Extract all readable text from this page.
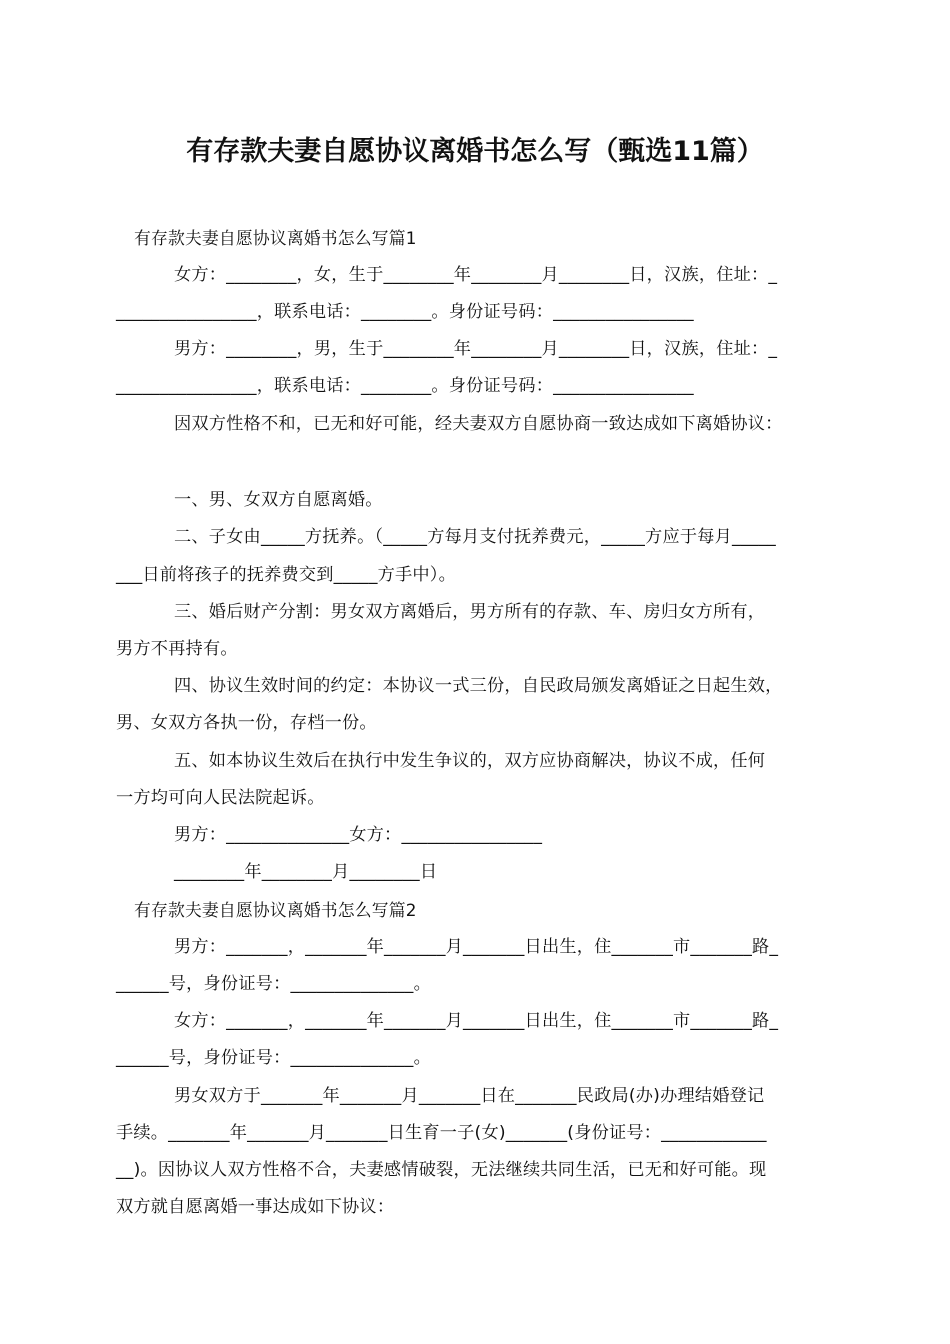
有存款夫妻自愿协议离婚书怎么写（甄选11篇）
有存款夫妻自愿协议离婚书怎么写篇1
女方：________，女，生于________年________月________日，汉族，住址：_
________________，联系电话：________。身份证号码：________________
男方：________，男，生于________年________月________日，汉族，住址：_
________________，联系电话：________。身份证号码：________________
因双方性格不和，已无和好可能，经夫妻双方自愿协商一致达成如下离婚协议：
一、男、女双方自愿离婚。
二、子女由_____方抚养。（_____方每月支付抚养费元，_____方应于每月_____
___日前将孩子的抚养费交到_____方手中）。
三、婚后财产分割：男女双方离婚后，男方所有的存款、车、房归女方所有，
男方不再持有。
四、协议生效时间的约定：本协议一式三份，自民政局颁发离婚证之日起生效，
男、女双方各执一份，存档一份。
五、如本协议生效后在执行中发生争议的，双方应协商解决，协议不成，任何
一方均可向人民法院起诉。
男方：______________女方：________________
________年________月________日
有存款夫妻自愿协议离婚书怎么写篇2
男方：_______，_______年_______月_______日出生，住_______市_______路_
______号，身份证号：______________。
女方：_______，_______年_______月_______日出生，住_______市_______路_
______号，身份证号：______________。
男女双方于_______年_______月_______日在_______民政局(办)办理结婚登记
手续。_______年_______月_______日生育一子(女)_______(身份证号：____________
__)。因协议人双方性格不合，夫妻感情破裂，无法继续共同生活，已无和好可能。现
双方就自愿离婚一事达成如下协议：
